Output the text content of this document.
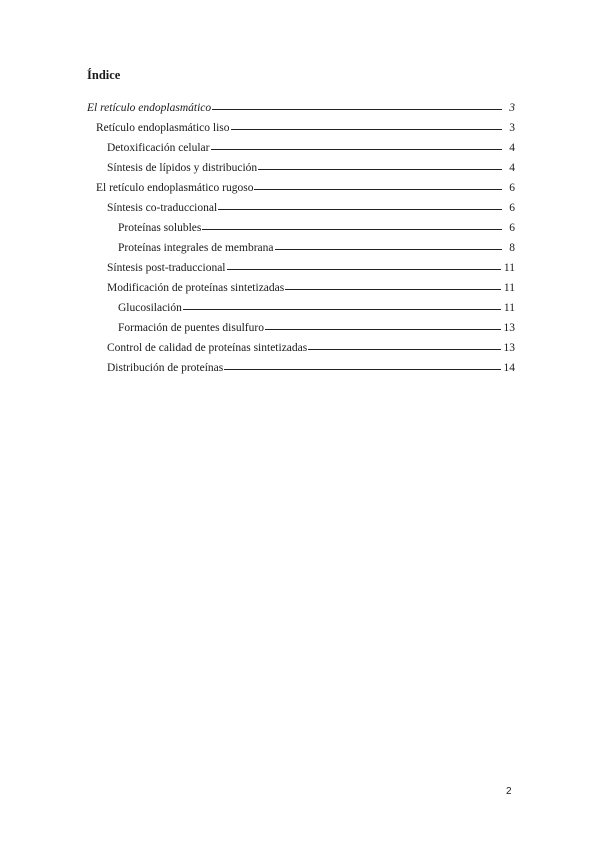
Índice
El retículo endoplasmático	3
Retículo endoplasmático liso	3
Detoxificación celular	4
Síntesis de lípidos y distribución	4
El retículo endoplasmático rugoso	6
Síntesis co-traduccional	6
Proteínas solubles	6
Proteínas integrales de membrana	8
Síntesis post-traduccional	11
Modificación de proteínas sintetizadas	11
Glucosilación	11
Formación de puentes disulfuro	13
Control de calidad de proteínas sintetizadas	13
Distribución de proteínas	14
2
